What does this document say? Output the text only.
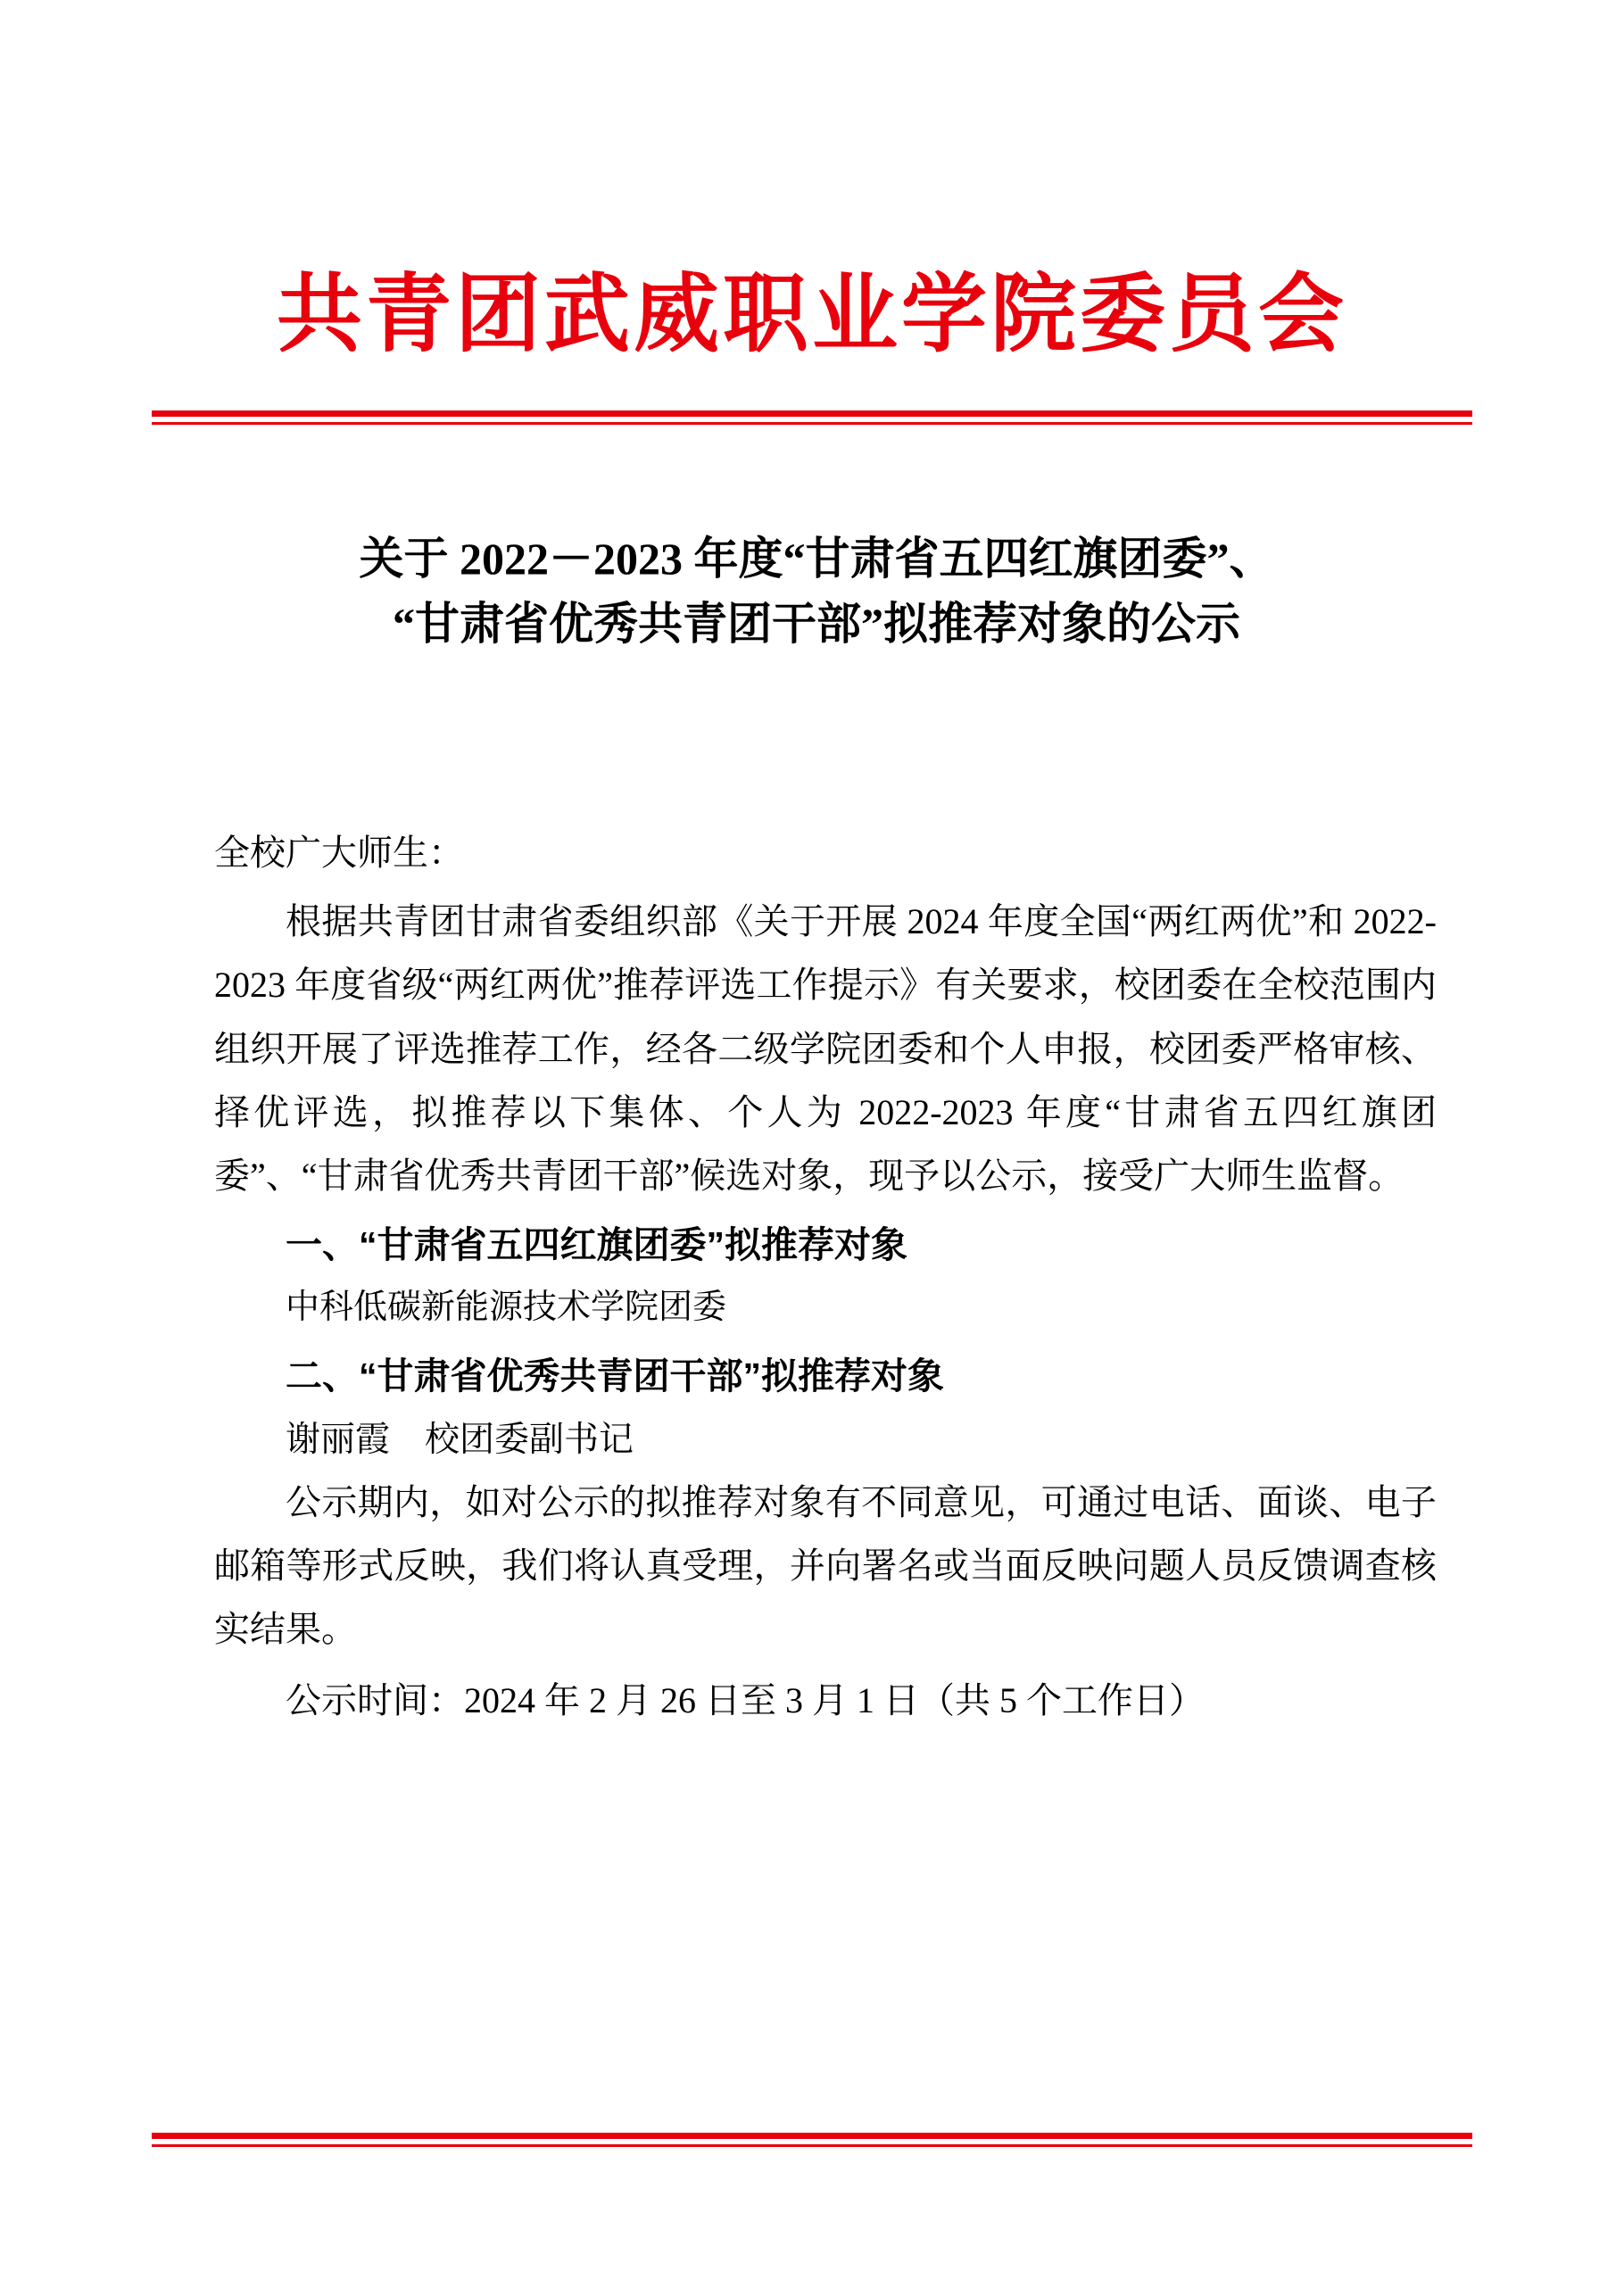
共青团武威职业学院委员会
关于 2022－2023 年度“甘肃省五四红旗团委”、
“甘肃省优秀共青团干部”拟推荐对象的公示

全校广大师生：

根据共青团甘肃省委组织部《关于开展 2024 年度全国“两红两优”和 2022-2023 年度省级“两红两优”推荐评选工作提示》有关要求，校团委在全校范围内组织开展了评选推荐工作，经各二级学院团委和个人申报，校团委严格审核、择优评选，拟推荐以下集体、个人为 2022-2023 年度“甘肃省五四红旗团委”、“甘肃省优秀共青团干部”候选对象，现予以公示，接受广大师生监督。

一、“甘肃省五四红旗团委”拟推荐对象

中科低碳新能源技术学院团委

二、“甘肃省优秀共青团干部”拟推荐对象

谢丽霞　校团委副书记

公示期内，如对公示的拟推荐对象有不同意见，可通过电话、面谈、电子邮箱等形式反映，我们将认真受理，并向署名或当面反映问题人员反馈调查核实结果。

公示时间：2024 年 2 月 26 日至 3 月 1 日（共 5 个工作日）
